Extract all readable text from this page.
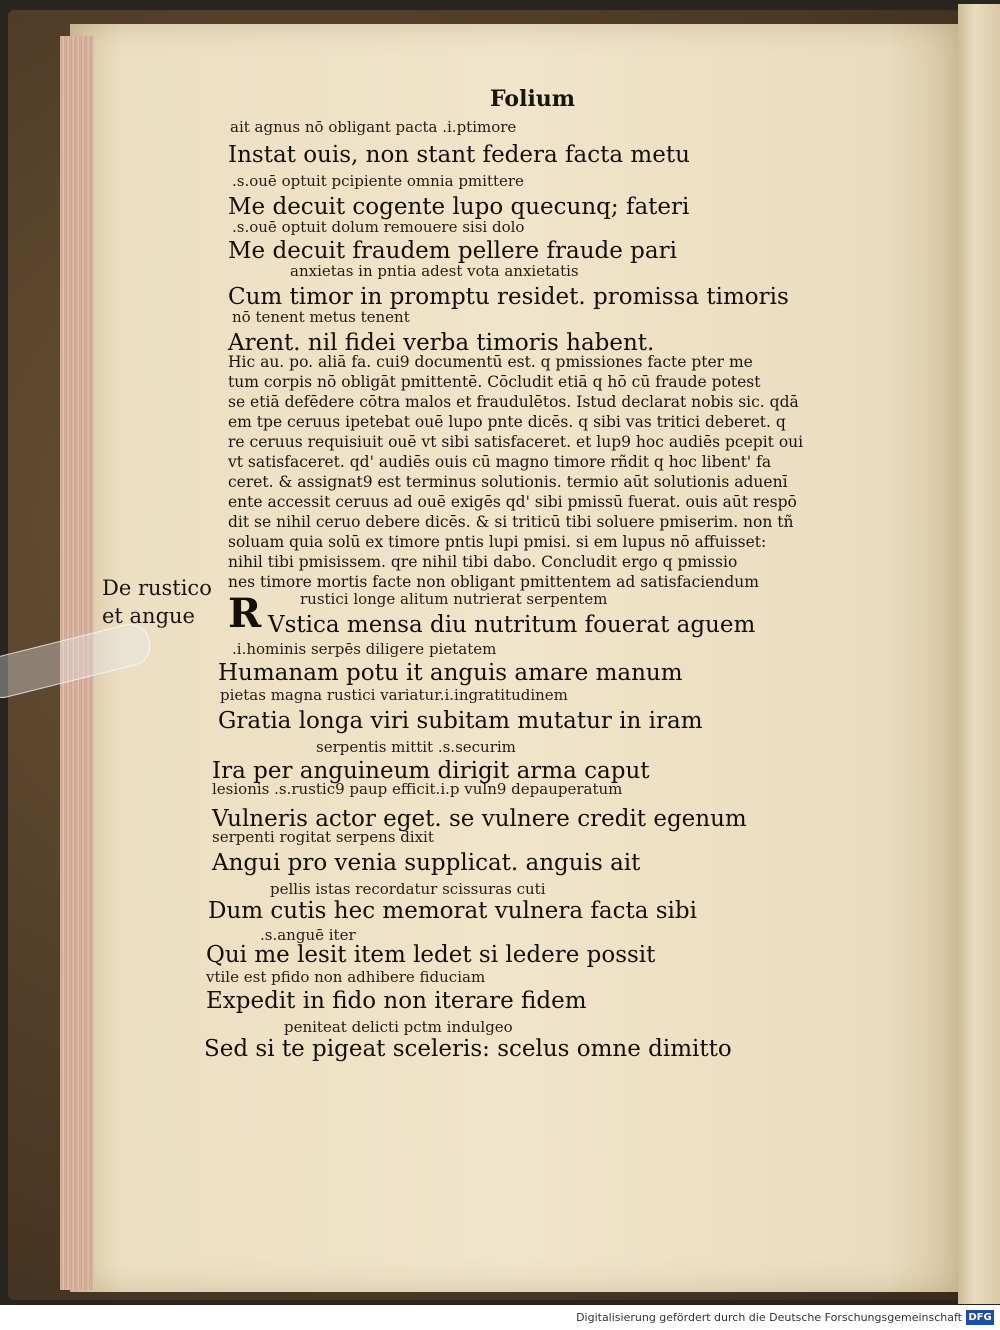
Folium
ait agnus nō obligant pacta .i.ptimore
Instat ouis, non stant federa facta metu
.s.ouē optuit pcipiente omnia pmittere
Me decuit cogente lupo quecunq; fateri
.s.ouē optuit dolum remouere sisi dolo
Me decuit fraudem pellere fraude pari
anxietas in pntia adest vota anxietatis
Cum timor in promptu residet. promissa timoris
nō tenent metus tenent
Arent. nil fidei verba timoris habent.
Hic au. po. aliā fa. cui9 documentū est. q pmissiones facte pter me
tum corpis nō obligāt pmittentē. Cōcludit etiā q hō cū fraude potest
se etiā defēdere cōtra malos et fraudulētos. Istud declarat nobis sic. qdā
em tpe ceruus ipetebat ouē lupo pnte dicēs. q sibi vas tritici deberet. q
re ceruus requisiuit ouē vt sibi satisfaceret. et lup9 hoc audiēs pcepit oui
vt satisfaceret. qd' audiēs ouis cū magno timore rñdit q hoc libent' fa
ceret. & assignat9 est terminus solutionis. termio aūt solutionis aduenī
ente accessit ceruus ad ouē exigēs qd' sibi pmissū fuerat. ouis aūt respō
dit se nihil ceruo debere dicēs. & si triticū tibi soluere pmiserim. non tñ
soluam quia solū ex timore pntis lupi pmisi. si em lupus nō affuisset:
nihil tibi pmisissem. qre nihil tibi dabo. Concludit ergo q pmissio
nes timore mortis facte non obligant pmittentem ad satisfaciendum
De rustico
et angue R	rustici longe alitum nutrierat serpentem
Vstica mensa diu nutritum fouerat aguem
.i.hominis serpēs diligere pietatem
Humanam potu it anguis amare manum
pietas magna rustici variatur.i.ingratitudinem
Gratia longa viri subitam mutatur in iram
serpentis mittit .s.securim
Ira per anguineum dirigit arma caput
lesionis .s.rustic9 paup efficit.i.p vuln9 depauperatum
Vulneris actor eget. se vulnere credit egenum
serpenti rogitat serpens dixit
Angui pro venia supplicat. anguis ait
pellis istas recordatur scissuras cuti
Dum cutis hec memorat vulnera facta sibi
.s.anguē iter
Qui me lesit item ledet si ledere possit
vtile est pfido non adhibere fiduciam
Expedit in fido non iterare fidem
peniteat delicti pctm indulgeo
Sed si te pigeat sceleris: scelus omne dimitto
Digitalisierung gefördert durch die Deutsche Forschungsgemeinschaft DFG
